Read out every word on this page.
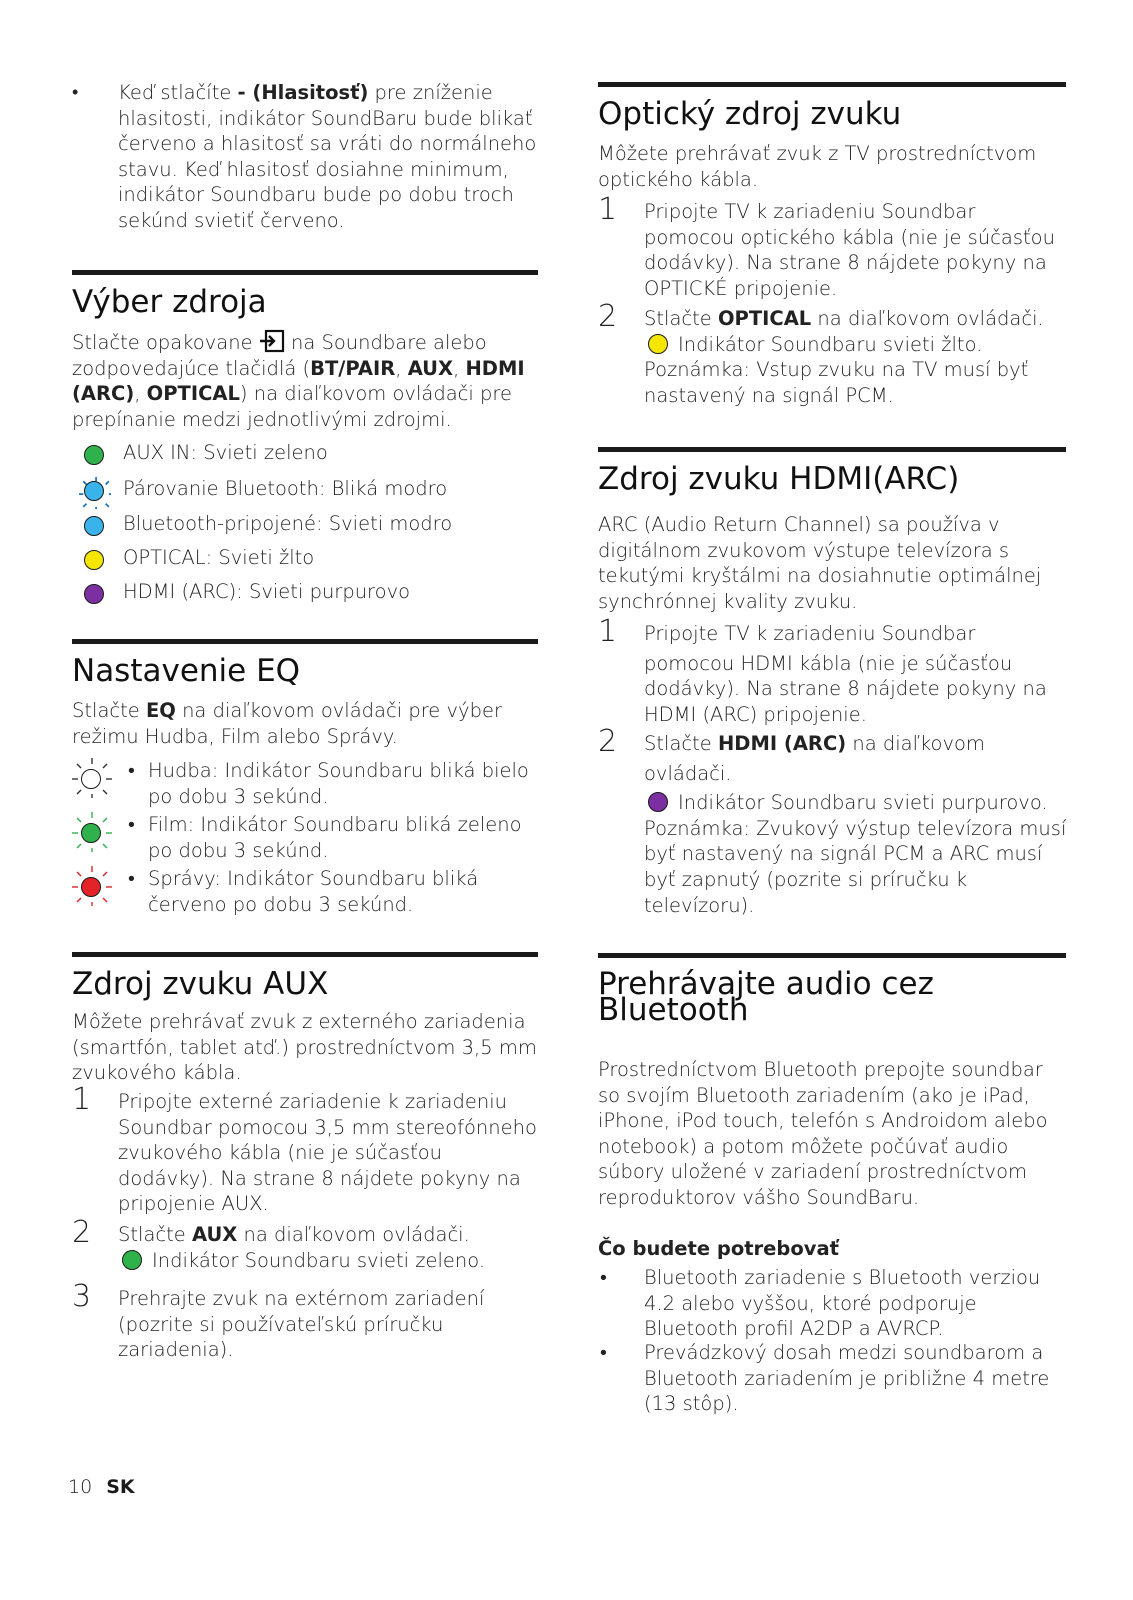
• Keď stlačíte - (Hlasitosť) pre zníženie hlasitosti, indikátor SoundBaru bude blikať červeno a hlasitosť sa vráti do normálneho stavu. Keď hlasitosť dosiahne minimum, indikátor Soundbaru bude po dobu troch sekúnd svietiť červeno.

Výber zdroja

Stlačte opakovane  na Soundbare alebo zodpovedajúce tlačidlá (BT/PAIR, AUX, HDMI (ARC), OPTICAL) na diaľkovom ovládači pre prepínanie medzi jednotlivými zdrojmi.

AUX IN: Svieti zeleno
Párovanie Bluetooth: Bliká modro
Bluetooth-pripojené: Svieti modro
OPTICAL: Svieti žlto
HDMI (ARC): Svieti purpurovo
Nastavenie EQ

Stlačte EQ na diaľkovom ovládači pre výber režimu Hudba, Film alebo Správy.

• Hudba: Indikátor Soundbaru bliká bielo po dobu 3 sekúnd.
• Film: Indikátor Soundbaru bliká zeleno po dobu 3 sekúnd.
• Správy: Indikátor Soundbaru bliká červeno po dobu 3 sekúnd.
Zdroj zvuku AUX

Môžete prehrávať zvuk z externého zariadenia (smartfón, tablet atď.) prostredníctvom 3,5 mm zvukového kábla.

1 Pripojte externé zariadenie k zariadeniu Soundbar pomocou 3,5 mm stereofónneho zvukového kábla (nie je súčasťou dodávky). Na strane 8 nájdete pokyny na pripojenie AUX.
2 Stlačte AUX na diaľkovom ovládači.
Indikátor Soundbaru svieti zeleno.
3 Prehrajte zvuk na extérnom zariadení (pozrite si používateľskú príručku zariadenia).
10 SK
Optický zdroj zvuku

Môžete prehrávať zvuk z TV prostredníctvom optického kábla.

1 Pripojte TV k zariadeniu Soundbar pomocou optického kábla (nie je súčasťou dodávky). Na strane 8 nájdete pokyny na OPTICKÉ pripojenie.
2 Stlačte OPTICAL na diaľkovom ovládači.
Indikátor Soundbaru svieti žlto.
Poznámka: Vstup zvuku na TV musí byť nastavený na signál PCM.
Zdroj zvuku HDMI(ARC)

ARC (Audio Return Channel) sa používa v digitálnom zvukovom výstupe televízora s tekutými kryštálmi na dosiahnutie optimálnej synchrónnej kvality zvuku.

1 Pripojte TV k zariadeniu Soundbar
pomocou HDMI kábla (nie je súčasťou dodávky). Na strane 8 nájdete pokyny na HDMI (ARC) pripojenie.
2 Stlačte HDMI (ARC) na diaľkovom
ovládači.
Indikátor Soundbaru svieti purpurovo.
Poznámka: Zvukový výstup televízora musí byť nastavený na signál PCM a ARC musí byť zapnutý (pozrite si príručku k televízoru).
Prehrávajte audio cez
Bluetooth

Prostredníctvom Bluetooth prepojte soundbar so svojím Bluetooth zariadením (ako je iPad, iPhone, iPod touch, telefón s Androidom alebo notebook) a potom môžete počúvať audio súbory uložené v zariadení prostredníctvom reproduktorov vášho SoundBaru.

Čo budete potrebovať

• Bluetooth zariadenie s Bluetooth verziou 4.2 alebo vyššou, ktoré podporuje Bluetooth profil A2DP a AVRCP.
• Prevádzkový dosah medzi soundbarom a Bluetooth zariadením je približne 4 metre (13 stôp).
